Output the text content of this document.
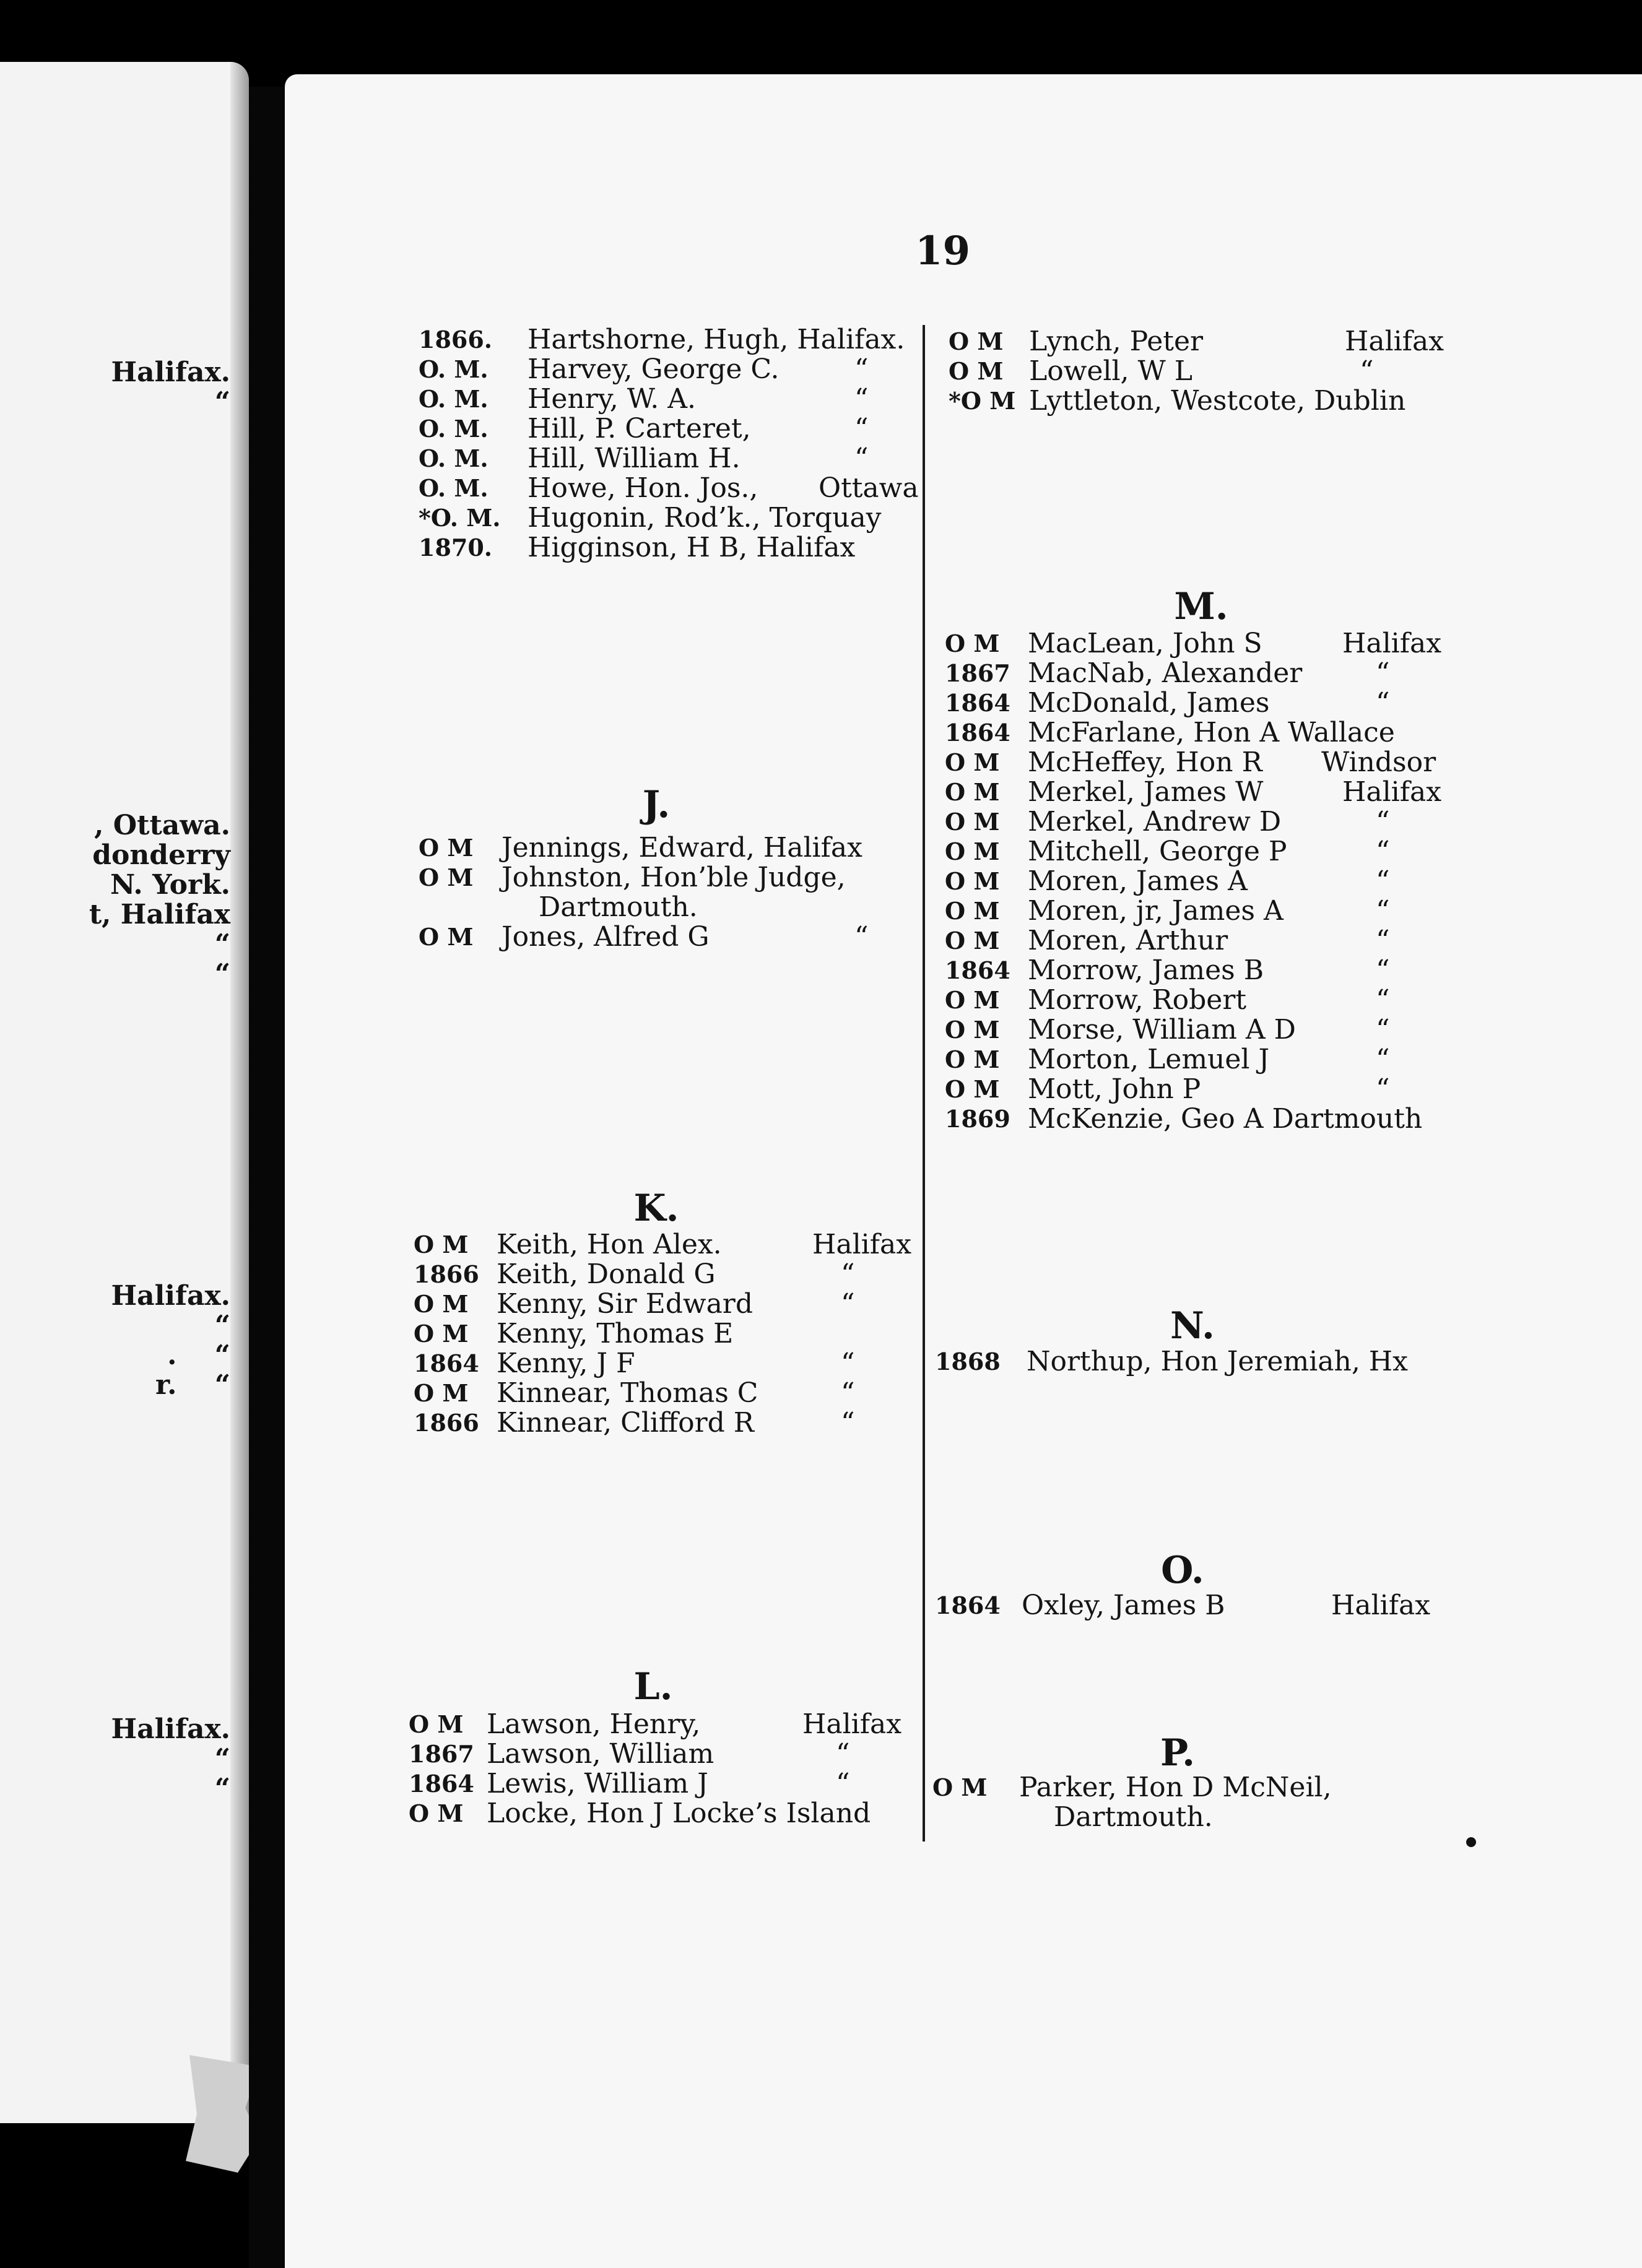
Halifax.
“
, Ottawa.
donderry
N. York.
t, Halifax
“
“
Halifax.
“
.    “
r.    “
Halifax.
“
“
19
1866. Hartshorne, Hugh, Halifax.
O. M. Harvey, George C.	“
O. M. Henry, W. A.	“
O. M. Hill, P. Carteret,	“
O. M. Hill, William H.	“
O. M. Howe, Hon. Jos., Ottawa
*O. M. Hugonin, Rod’k., Torquay
1870. Higginson, H B, Halifax
J.
O M Jennings, Edward, Halifax
O M Johnston, Hon’ble Judge,
Dartmouth.
O M Jones, Alfred G	“
K.
O M Keith, Hon Alex.	Halifax
1866 Keith, Donald G	“
O M Kenny, Sir Edward	“
O M Kenny, Thomas E
1864 Kenny, J F	“
O M Kinnear, Thomas C	“
1866 Kinnear, Clifford R	“
L.
O M Lawson, Henry,	Halifax
1867 Lawson, William	“
1864 Lewis, William J	“
O M Locke, Hon J Locke’s Island
O M Lynch, Peter	Halifax
O M Lowell, W L	“
*O M Lyttleton, Westcote, Dublin
M.
O M MacLean, John S	Halifax
1867 MacNab, Alexander	“
1864 McDonald, James	“
1864 McFarlane, Hon A Wallace
O M McHeffey, Hon R Windsor
O M Merkel, James W	Halifax
O M Merkel, Andrew D	“
O M Mitchell, George P	“
O M Moren, James A	“
O M Moren, jr, James A	“
O M Moren, Arthur	“
1864 Morrow, James B	“
O M Morrow, Robert	“
O M Morse, William A D	“
O M Morton, Lemuel J	“
O M Mott, John P	“
1869 McKenzie, Geo A Dartmouth
N.
1868 Northup, Hon Jeremiah, Hx
O.
1864 Oxley, James B	Halifax
P.
O M Parker, Hon D McNeil,
Dartmouth.
